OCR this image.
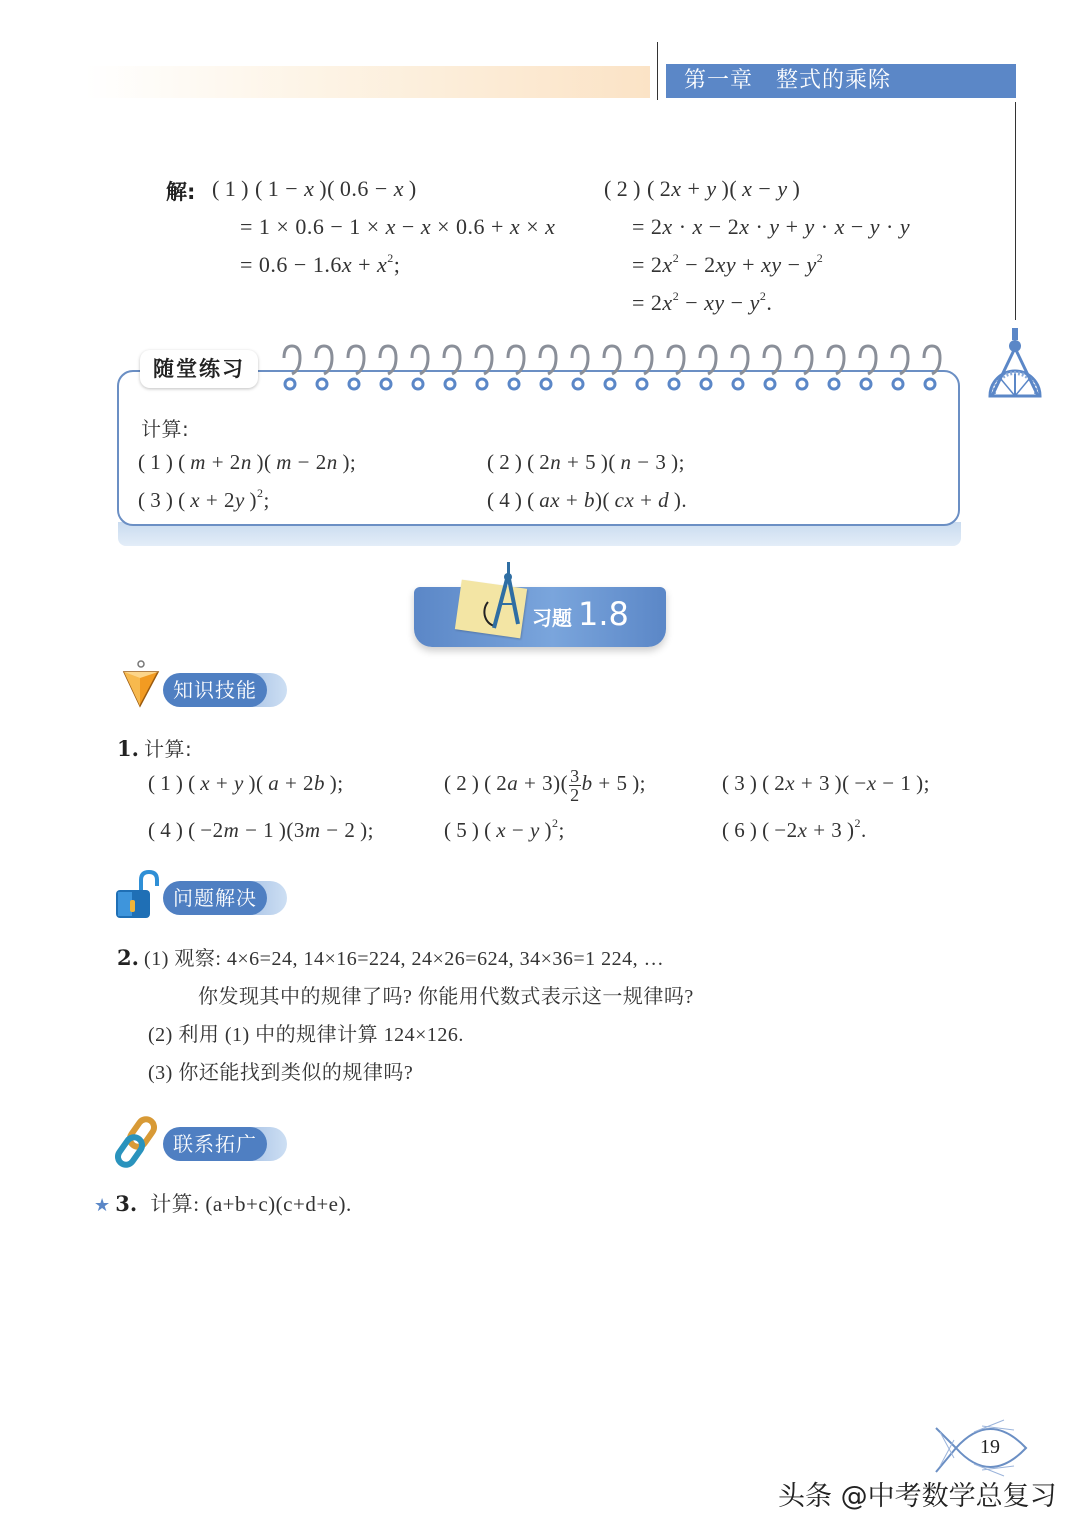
第一章　整式的乘除
解: ( 1 ) ( 1 − x )( 0.6 − x )
= 1 × 0.6 − 1 × x − x × 0.6 + x × x
= $0.6 - 1.6x + x^2$;
( 2 ) ( 2x + y )( x − y )
= 2x · x − 2x · y + y · x − y · y
= $2x^2 - 2xy$ + xy − $y^2$
= $2x^2$ − xy − $y^2$.
随堂练习
计算:
( 1 ) ( m + 2n )( m − 2n );	( 2 ) ( 2n + 5 )( n − 3 );
( 3 ) ( x + 2y )$^2$;	( 4 ) ( ax + b)( cx + d ).
习题 1.8
知识技能
1. 计算:
( 1 ) ( x + y )( a + 2b );	( 2 ) ( $2a + 3)( \frac{3}{2}$ b + 5 );	( 3 ) ( 2x + 3 )( −x − 1 );
( 4 ) ( −2m − 1 )(3m − 2 );	( 5 ) ( x − y )$^2$;	( 6 ) ( −2x + 3 )$^2$.
问题解决
2. (1) 观察: 4×6=24, 14×16=224, 24×26=624, 34×36=1 224, …
你发现其中的规律了吗? 你能用代数式表示这一规律吗?
(2) 利用 (1) 中的规律计算 124×126.
(3) 你还能找到类似的规律吗?
联系拓广
★ 3. 计算: (a+b+c)(c+d+e).
19
头条 @中考数学总复习
